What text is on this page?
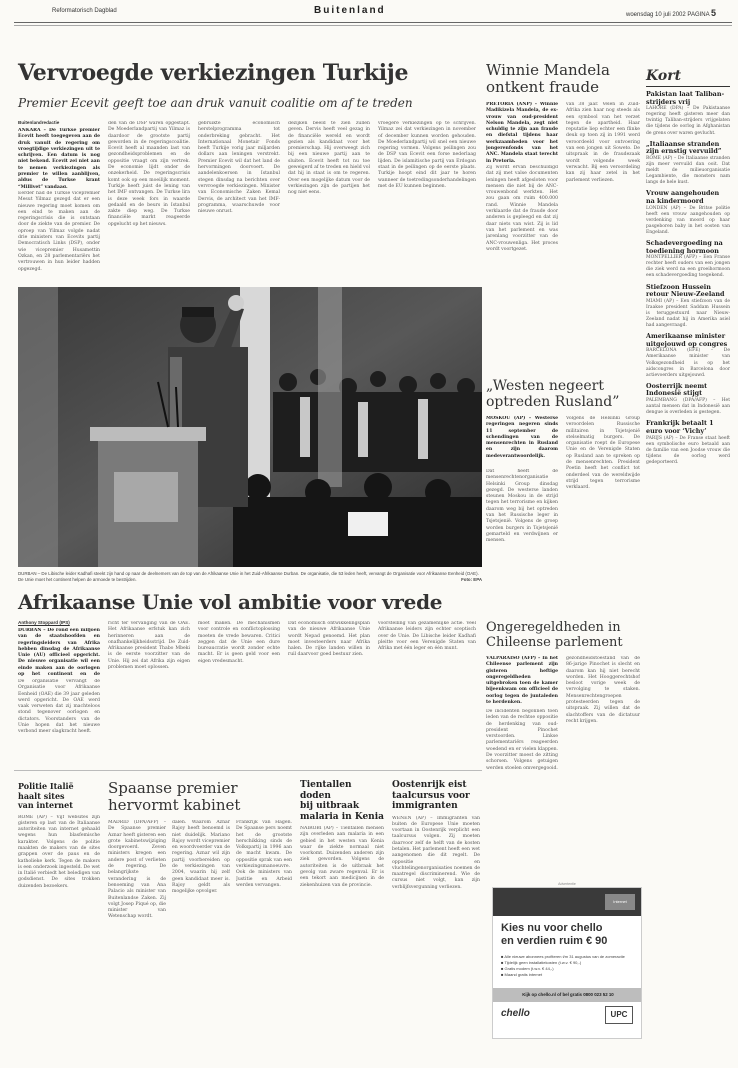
Reformatorisch Dagblad	Buitenland	woensdag 10 juli 2002 PAGINA 5
Vervroegde verkiezingen Turkije
Premier Ecevit geeft toe aan druk vanuit coalitie om af te treden
Buitenlandredactie
ANKARA – De Turkse premier Ecevit heeft toegegeven aan de druk vanuit de regering om vroegtijdige verkiezingen uit te schrijven. Een datum is nog niet bekend. Ecevit zei niet aan te nemen verkiezingen als premier te willen aanblijven, aldus de Turkse krant “Milliyet” vandaag.
Eerder had de Turkse vicepremier Mesut Yilmaz gezegd dat er een nieuwe regering moet komen om een eind te maken aan de regeringscrisis die is ontstaan door de ziekte van de premier. De oproep van Yilmaz volgde nadat drie ministers van Ecevits partij Democratisch Links (DSP), onder wie vicepremier Husamettin Ozkan, en 28 parlementariërs het vertrouwen in hun leider hadden opgezegd.
den van de DSP waren opgestapt. De Moederlandpartij van Yilmaz is daardoor de grootste partij geworden in de regeringscoalitie. Ecevit heeft al maanden last van gezondheidsproblemen en de oppositie vraagt om zijn vertrek. De economie lijdt onder de onzekerheid. De regeringscrisis komt ook op een moeilijk moment. Turkije heeft juist de lening van het IMF ontvangen. De Turkse lira is deze week fors in waarde gedaald en de beurs in Istanbul zakte diep weg. De Turkse financiële markt reageerde opgelucht op het nieuws.
gebruikte economisch herstelprogramma tot onderbreking gebracht. Het Internationaal Monetair Fonds heeft Turkije vorig jaar miljarden dollars aan leningen verstrekt. Premier Ecevit wil dat het land de hervormingen doorvoert. De aandelenkoersen in Istanbul stegen dinsdag na berichten over vervroegde verkiezingen. Minister van Economische Zaken Kemal Dervis, de architect van het IMF-programma, waarschuwde voor nieuwe onrust.
dezijken beeld te zien zullen geven. Dervis heeft veel gezag in de financiële wereld en wordt gezien als kandidaat voor het premierschap. Hij overweegt zich bij een nieuwe partij aan te sluiten. Ecevit heeft tot nu toe geweigerd af te treden en hield vol dat hij in staat is om te regeren. Over een mogelijke datum voor de verkiezingen zijn de partijen het nog niet eens.
vroegere verkiezingen op te schrijven. Yilmaz zei dat verkiezingen in november of december kunnen worden gehouden. De Moederlandpartij wil snel een nieuwe regering vormen. Volgens peilingen zou de DSP van Ecevit een forse nederlaag lijden. De islamitische partij van Erdogan staat in de peilingen op de eerste plaats. Turkije hoopt eind dit jaar te horen wanneer de toetredingsonderhandelingen met de EU kunnen beginnen.
Winnie Mandela
ontkent fraude
PRETORIA (ANP) – Winnie Madikizela Mandela, de ex-vrouw van oud-president Nelson Mandela, zegt niet schuldig te zijn aan fraude en diefstal tijdens haar werkzaamheden voor het jongerenfonds van het ANC. Mandela staat terecht in Pretoria.
Zij wordt ervan beschuldigd dat zij met valse documenten leningen heeft afgesloten voor mensen die niet bij de ANC-vrouwenbond werkten. Het zou gaan om ruim 400.000 rand. Winnie Mandela verklaarde dat de fraude door anderen is gepleegd en dat zij daar niets van wist. Zij is lid van het parlement en was jarenlang voorzitter van de ANC-vrouwenliga. Het proces wordt voortgezet.
van 38 jaar. Velen in Zuid-Afrika zien haar nog steeds als een symbool van het verzet tegen de apartheid. Haar reputatie liep echter een flinke deuk op toen zij in 1991 werd veroordeeld voor ontvoering van een jongen uit Soweto. De uitspraak in de fraudezaak wordt volgende week verwacht. Bij een veroordeling kan zij haar zetel in het parlement verliezen.
DURBAN – De Libische leider Kadhafi steekt zijn hand op naar de deelnemers van de top van de Afrikaanse Unie in het Zuid-Afrikaanse Durban. De organisatie, die 53 leden heeft, vervangt de Organisatie voor Afrikaanse Eenheid (OAE). De Unie moet het continent helpen de armoede te bestrijden.	Foto: EPA
„Westen negeert
optreden Rusland”
MOSKOU (AP) – Westerse regeringen negeren sinds 11 september de schendingen van de mensenrechten in Rusland en zijn daarom medeverantwoordelijk.
Dat heeft de mensenrechtenorganisatie Helsinki Group dinsdag gezegd. De westerse landen steunen Moskou in de strijd tegen het terrorisme en kijken daarom weg bij het optreden van het Russische leger in Tsjetsjenië. Volgens de groep worden burgers in Tsjetsjenië gemarteld en verdwijnen er mensen.
Volgens de Helsinki Group veroordelen Russische militairen in Tsjetsjenië stelselmatig burgers. De organisatie roept de Europese Unie en de Verenigde Staten op Rusland aan te spreken op de mensenrechten. President Poetin heeft het conflict tot onderdeel van de wereldwijde strijd tegen terrorisme verklaard.
Afrikaanse Unie vol ambitie voor vrede
Anthony Stoppard (IPS)
DURBAN – De rond een miljoen van de staatshoofden en regeringsleiders van Afrika hebben dinsdag de Afrikaanse Unie (AU) officieel opgericht. De nieuwe organisatie wil een einde maken aan de oorlogen op het continent en de
De organisatie vervangt de Organisatie voor Afrikaanse Eenheid (OAE) die 39 jaar geleden werd opgericht. De OAE werd vaak verweten dat zij machteloos stond tegenover oorlogen en dictators. Voorstanders van de Unie hopen dat het nieuwe verbond meer slagkracht heeft.
richt ter vervanging van de OAE. Het Afrikaanse erfstuk kan zich herinneren aan de onafhankelijkheidsstrijd. De Zuid-Afrikaanse president Thabo Mbeki is de eerste voorzitter van de Unie. Hij zei dat Afrika zijn eigen problemen moet oplossen.
moet maken. De mechanismen voor controle en conflictoplossing moeten de vrede bewaren. Critici zeggen dat de Unie een dure bureaucratie wordt zonder echte macht. Er is geen geld voor een eigen vredesmacht.
Dat economisch ontwikkelingsplan van de nieuwe Afrikaanse Unie wordt Nepad genoemd. Het plan moet investeerders naar Afrika halen. De rijke landen willen in ruil daarvoor goed bestuur zien.
voorstelling van gezamenlijke actie. Veel Afrikaanse leiders zijn echter sceptisch over de Unie. De Libische leider Kadhafi pleitte voor een Verenigde Staten van Afrika met één leger en één munt.
Ongeregeldheden in
Chileense parlement
VALPARAISO (AFP) – In het Chileense parlement zijn gisteren heftige ongeregeldheden uitgebroken toen de kamer bijeenkwam om officieel de oorlog tegen de juntaleden te herdenken.
De incidenten begonnen toen leden van de rechtse oppositie de herdenking van oud-president Pinochet verstoorden. Linkse parlementariërs reageerden woedend en er vielen klappen. De voorzitter moest de zitting schorsen. Volgens getuigen werden stoelen omvergegooid.
gezondheidstoestand van de 86-jarige Pinochet is slecht en daarom kan hij niet berecht worden. Het Hooggerechtshof besloot vorige week de vervolging te staken. Mensenrechtengroepen protesteerden tegen de uitspraak. Zij willen dat de slachtoffers van de dictatuur recht krijgen.
Politie Italië
haalt sites
van internet
ROME (AP) – Vijf websites zijn gisteren op last van de Italiaanse autoriteiten van internet gehaald wegens hun blasfemische karakter. Volgens de politie maakten de makers van de sites grappen over de paus en de katholieke kerk. Tegen de makers is een onderzoek ingesteld. De wet in Italië verbiedt het beledigen van godsdienst. De sites trokken duizenden bezoekers.
Spaanse premier
hervormt kabinet
MADRID (DPA/AFP) – De Spaanse premier Aznar heeft gisteren een grote kabinetswijziging doorgevoerd. Zeven ministers kregen een andere post of verlieten de regering. De belangrijkste verandering is de benoeming van Ana Palacio als minister van Buitenlandse Zaken. Zij volgt Josep Piqué op, die minister van Wetenschap wordt.
dalen. Waarom Aznar Rajoy heeft benoemd is niet duidelijk. Mariano Rajoy wordt vicepremier en woordvoerder van de regering. Aznar wil zijn partij voorbereiden op de verkiezingen van 2004, waarin hij zelf geen kandidaat meer is. Rajoy geldt als mogelijke opvolger.
Frankrijk van Hagen. De Spaanse pers noemt het de grootste herschikking sinds de Volkspartij in 1996 aan de macht kwam. De oppositie sprak van een verkiezingsmanoeuvre. Ook de ministers van Justitie en Arbeid werden vervangen.
Tientallen doden
bij uitbraak
malaria in Kenia
NAIROBI (AP) – Tientallen mensen zijn overleden aan malaria in een gebied in het westen van Kenia waar de ziekte normaal niet voorkomt. Duizenden anderen zijn ziek geworden. Volgens de autoriteiten is de uitbraak het gevolg van zware regenval. Er is een tekort aan medicijnen in de ziekenhuizen van de provincie.
Oostenrijk eist
taalcursus voor
immigranten
WENEN (AP) – Immigranten van buiten de Europese Unie moeten voortaan in Oostenrijk verplicht een taalcursus volgen. Zij moeten daarvoor zelf de helft van de kosten betalen. Het parlement heeft een wet aangenomen die dit regelt. De oppositie en vluchtelingenorganisaties noemen de maatregel discriminerend. Wie de cursus niet volgt, kan zijn verblijfsvergunning verliezen.
Kort
Pakistan laat Taliban-strijders vrij
LAHORE (DPA) – De Pakistaanse regering heeft gisteren meer dan twintig Taliban-strijders vrijgelaten die tijdens de oorlog in Afghanistan de grens over waren gevlucht.
„Italiaanse stranden zijn ernstig vervuild”
ROME (AP) – De Italiaanse stranden zijn meer vervuild dan ooit. Dat meldt de milieuorganisatie Legambiente, die monsters nam langs de hele kust.
Vrouw aangehouden na kindermoord
LONDEN (AP) – De Britse politie heeft een vrouw aangehouden op verdenking van moord op haar pasgeboren baby in het oosten van Engeland.
Schadevergoeding na toediening hormoon
MONTPELLIER (AFP) – Een Franse rechter heeft ouders van een jongen die ziek werd na een groeihormoon een schadevergoeding toegekend.
Stiefzoon Hussein retour Nieuw-Zeeland
MIAMI (AP) – Een stiefzoon van de Iraakse president Saddam Hussein is teruggestuurd naar Nieuw-Zeeland nadat hij in Amerika asiel had aangevraagd.
Amerikaanse minister uitgejouwd op congres
BARCELONA (EFE) – De Amerikaanse minister van Volksgezondheid is op het aidscongres in Barcelona door actievoerders uitgejouwd.
Oosterrijk neemt Indonesië stijgt
PALEMBANG (DPA/AFP) – Het aantal mensen dat in Indonesië aan dengue is overleden is gestegen.
Frankrijk betaalt 1 euro voor ‘Vichy’
PARIJS (AP) – De Franse staat heeft een symbolische euro betaald aan de familie van een Joodse vrouw die tijdens de oorlog werd gedeporteerd.
Advertentie
Internet
Kies nu voor chello
en verdien ruim € 90
■ Alle nieuwe abonnees profiteren t/m 31 augustus van de zomeractie
■ Tijdelijk geen installatiekosten (t.w.v. € 90,-)
■ Gratis modem (t.w.v. € 44,-)
■ Maand gratis internet
Kijk op chello.nl of bel gratis 0800 023 52 10
chello	UPC
